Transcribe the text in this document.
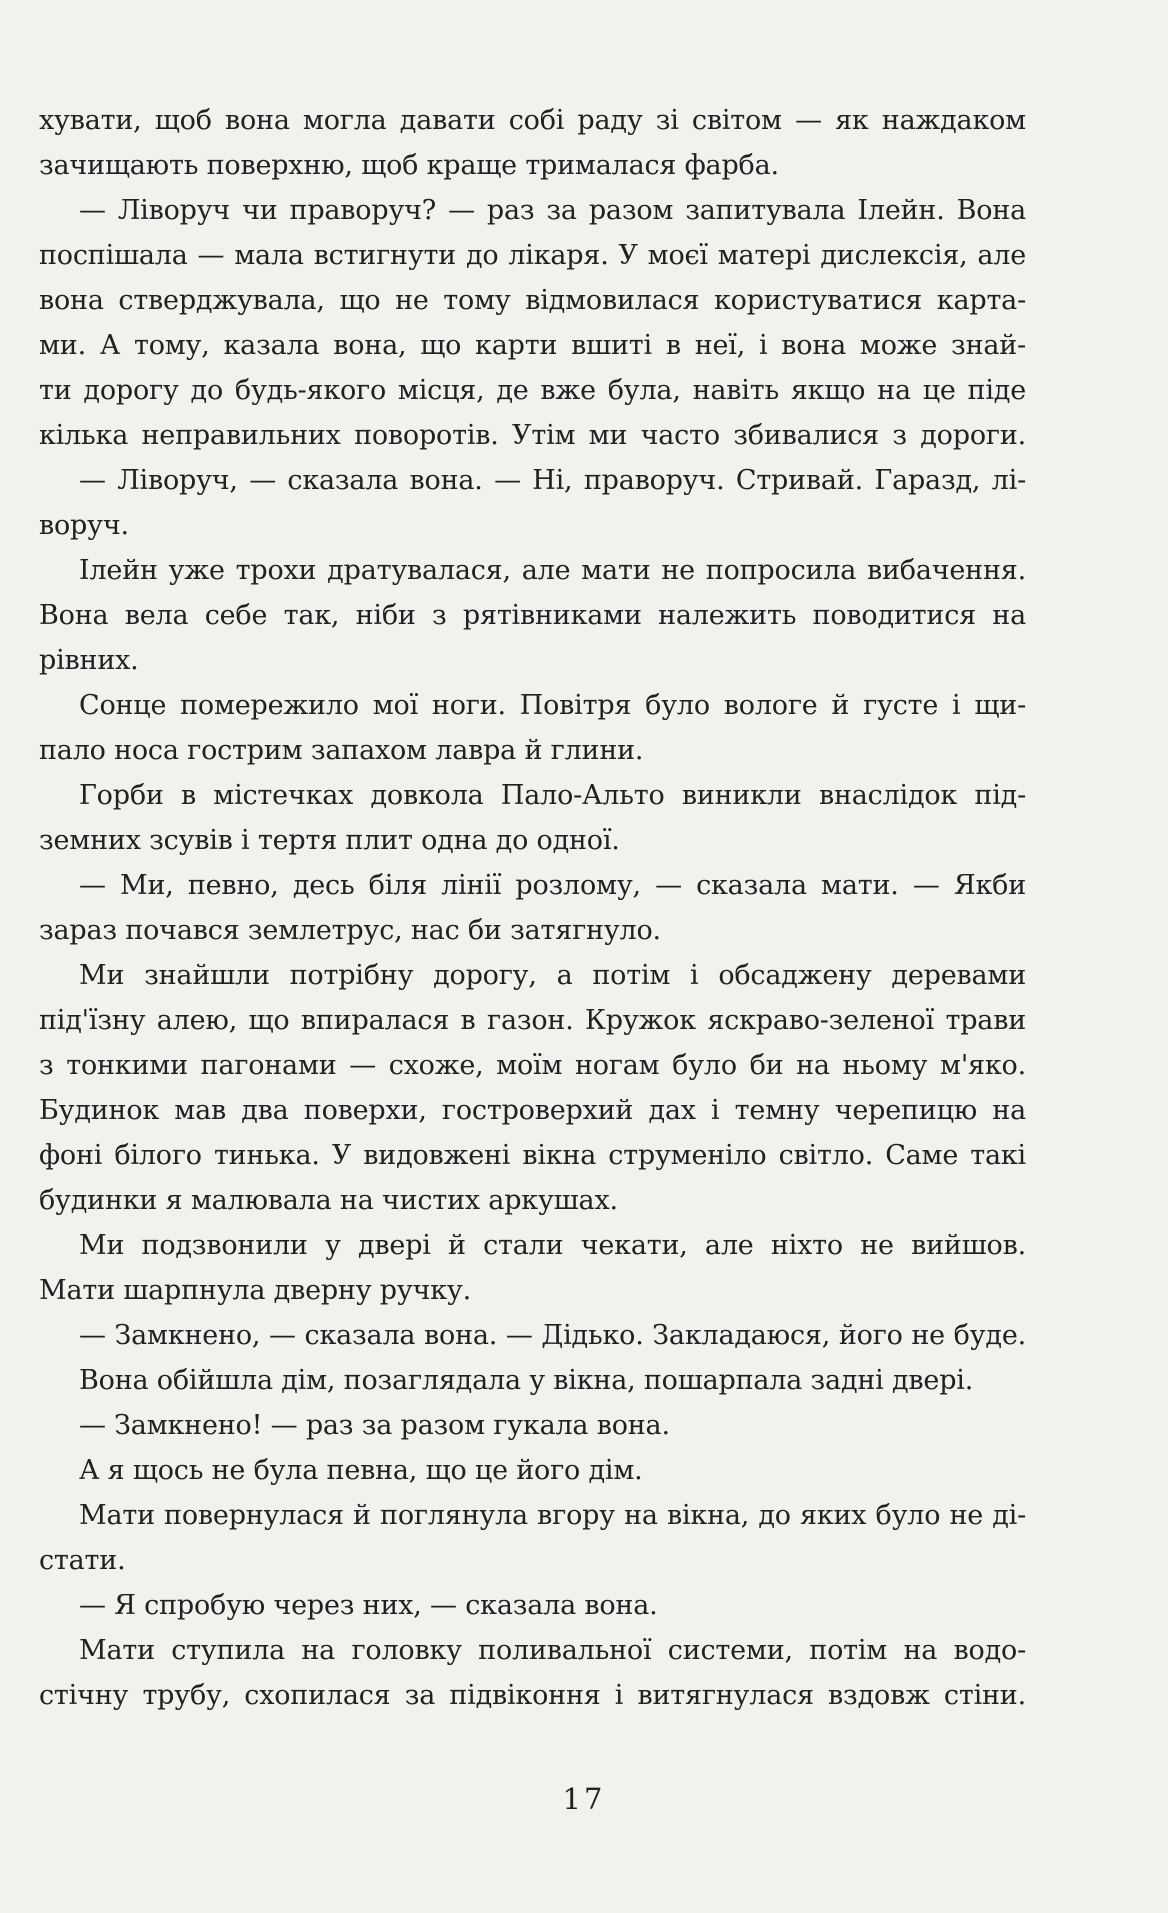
хувати, щоб вона могла давати собі раду зі світом — як наждаком
зачищають поверхню, щоб краще трималася фарба.
— Ліворуч чи праворуч? — раз за разом запитувала Ілейн. Вона
поспішала — мала встигнути до лікаря. У моєї матері дислексія, але
вона стверджувала, що не тому відмовилася користуватися карта-
ми. А тому, казала вона, що карти вшиті в неї, і вона може знай-
ти дорогу до будь-якого місця, де вже була, навіть якщо на це піде
кілька неправильних поворотів. Утім ми часто збивалися з дороги.
— Ліворуч, — сказала вона. — Ні, праворуч. Стривай. Гаразд, лі-
воруч.
Ілейн уже трохи дратувалася, але мати не попросила вибачення.
Вона вела себе так, ніби з рятівниками належить поводитися на
рівних.
Сонце помережило мої ноги. Повітря було вологе й густе і щи-
пало носа гострим запахом лавра й глини.
Горби в містечках довкола Пало-Альто виникли внаслідок під-
земних зсувів і тертя плит одна до одної.
— Ми, певно, десь біля лінії розлому, — сказала мати. — Якби
зараз почався землетрус, нас би затягнуло.
Ми знайшли потрібну дорогу, а потім і обсаджену деревами
під'їзну алею, що впиралася в газон. Кружок яскраво-зеленої трави
з тонкими пагонами — схоже, моїм ногам було би на ньому м'яко.
Будинок мав два поверхи, гостроверхий дах і темну черепицю на
фоні білого тинька. У видовжені вікна струменіло світло. Саме такі
будинки я малювала на чистих аркушах.
Ми подзвонили у двері й стали чекати, але ніхто не вийшов.
Мати шарпнула дверну ручку.
— Замкнено, — сказала вона. — Дідько. Закладаюся, його не буде.
Вона обійшла дім, позаглядала у вікна, пошарпала задні двері.
— Замкнено! — раз за разом гукала вона.
А я щось не була певна, що це його дім.
Мати повернулася й поглянула вгору на вікна, до яких було не ді-
стати.
— Я спробую через них, — сказала вона.
Мати ступила на головку поливальної системи, потім на водо-
стічну трубу, схопилася за підвіконня і витягнулася вздовж стіни.
17
